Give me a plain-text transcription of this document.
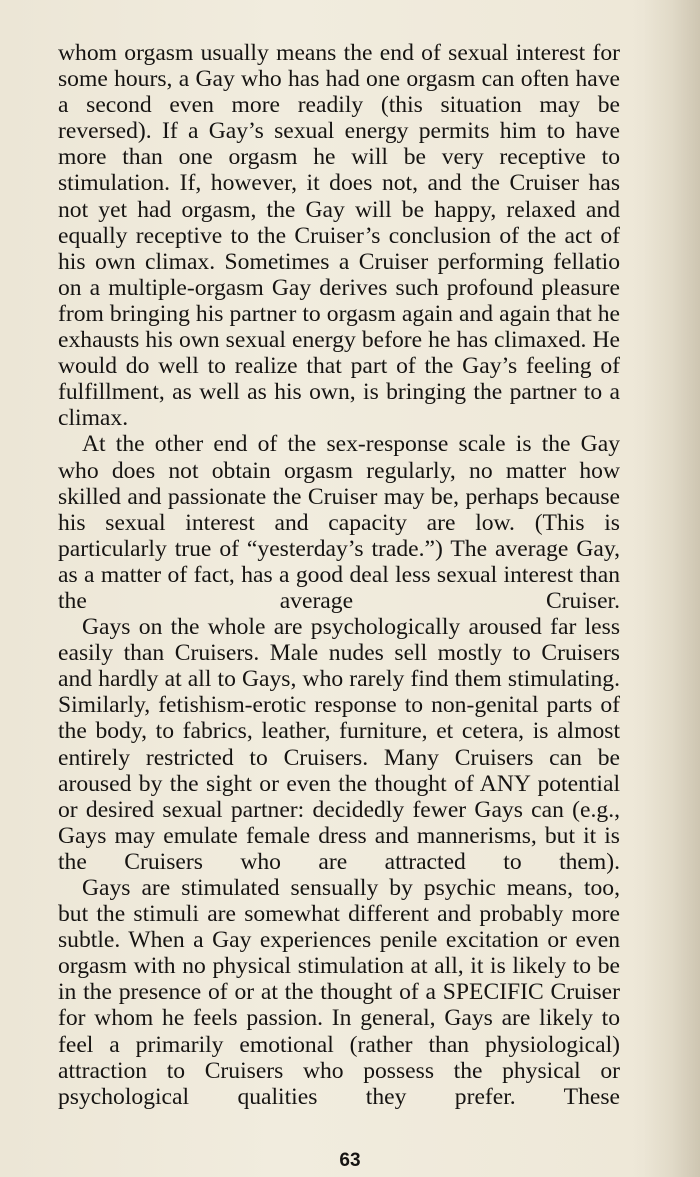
whom orgasm usually means the end of sexual interest for some hours, a Gay who has had one orgasm can often have a second even more readily (this situation may be reversed). If a Gay’s sexual energy permits him to have more than one orgasm he will be very receptive to stimulation. If, however, it does not, and the Cruiser has not yet had orgasm, the Gay will be happy, relaxed and equally receptive to the Cruiser’s conclusion of the act of his own climax. Sometimes a Cruiser performing fellatio on a multiple-orgasm Gay derives such profound pleasure from bringing his partner to orgasm again and again that he exhausts his own sexual energy before he has climaxed. He would do well to realize that part of the Gay’s feeling of fulfillment, as well as his own, is bringing the partner to a climax.

At the other end of the sex-response scale is the Gay who does not obtain orgasm regularly, no matter how skilled and passionate the Cruiser may be, perhaps because his sexual interest and capacity are low. (This is particularly true of “yesterday’s trade.”) The average Gay, as a matter of fact, has a good deal less sexual interest than the average Cruiser.

Gays on the whole are psychologically aroused far less easily than Cruisers. Male nudes sell mostly to Cruisers and hardly at all to Gays, who rarely find them stimulating. Similarly, fetishism-erotic response to non-genital parts of the body, to fabrics, leather, furniture, et cetera, is almost entirely restricted to Cruisers. Many Cruisers can be aroused by the sight or even the thought of ANY potential or desired sexual partner: decidedly fewer Gays can (e.g., Gays may emulate female dress and mannerisms, but it is the Cruisers who are attracted to them).

Gays are stimulated sensually by psychic means, too, but the stimuli are somewhat different and probably more subtle. When a Gay experiences penile excitation or even orgasm with no physical stimulation at all, it is likely to be in the presence of or at the thought of a SPECIFIC Cruiser for whom he feels passion. In general, Gays are likely to feel a primarily emotional (rather than physiological) attraction to Cruisers who possess the physical or psychological qualities they prefer. These

63
